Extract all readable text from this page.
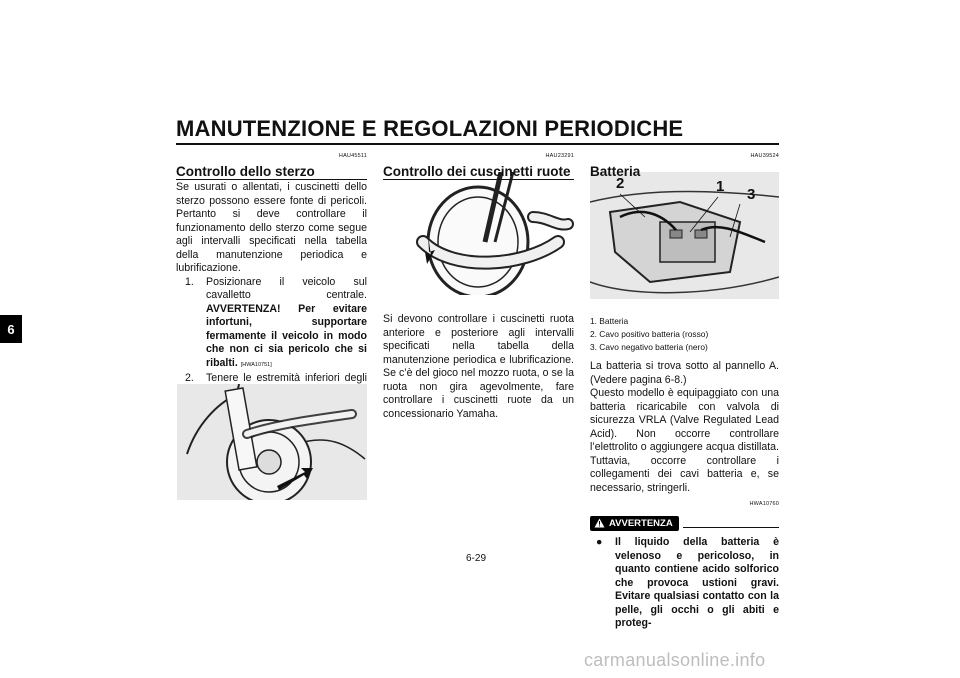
MANUTENZIONE E REGOLAZIONI PERIODICHE
6
HAU45511
Controllo dello sterzo

Se usurati o allentati, i cuscinetti dello sterzo possono essere fonte di pericoli. Pertanto si deve controllare il funzionamento dello sterzo come segue agli intervalli specificati nella tabella della manutenzione periodica e lubrificazione.

1.	Posizionare il veicolo sul cavalletto centrale. AVVERTENZA! Per evitare infortuni, supportare fermamente il veicolo in modo che non ci sia pericolo che si ribalti. [HWA10751]
2.	Tenere le estremità inferiori degli
HAU23291
Controllo dei cuscinetti ruote

Si devono controllare i cuscinetti ruota anteriore e posteriore agli intervalli specificati nella tabella della manutenzione periodica e lubrificazione. Se c’è del gioco nel mozzo ruota, o se la ruota non gira agevolmente, fare controllare i cuscinetti ruote da un concessionario Yamaha.

2	1 3
HAU39524
Batteria
1. Batteria
2. Cavo positivo batteria (rosso)
3. Cavo negativo batteria (nero)

La batteria si trova sotto al pannello A. (Vedere pagina 6-8.)

Questo modello è equipaggiato con una batteria ricaricabile con valvola di sicurezza VRLA (Valve Regulated Lead Acid). Non occorre controllare l’elettrolito o aggiungere acqua distillata. Tuttavia, occorre controllare i collegamenti dei cavi batteria e, se necessario, stringerli.

HWA10760
AVVERTENZA
●	Il liquido della batteria è velenoso e pericoloso, in quanto contiene acido solforico che provoca ustioni gravi. Evitare qualsiasi contatto con la pelle, gli occhi o gli abiti e proteg-
6-29
carmanualsonline.info
